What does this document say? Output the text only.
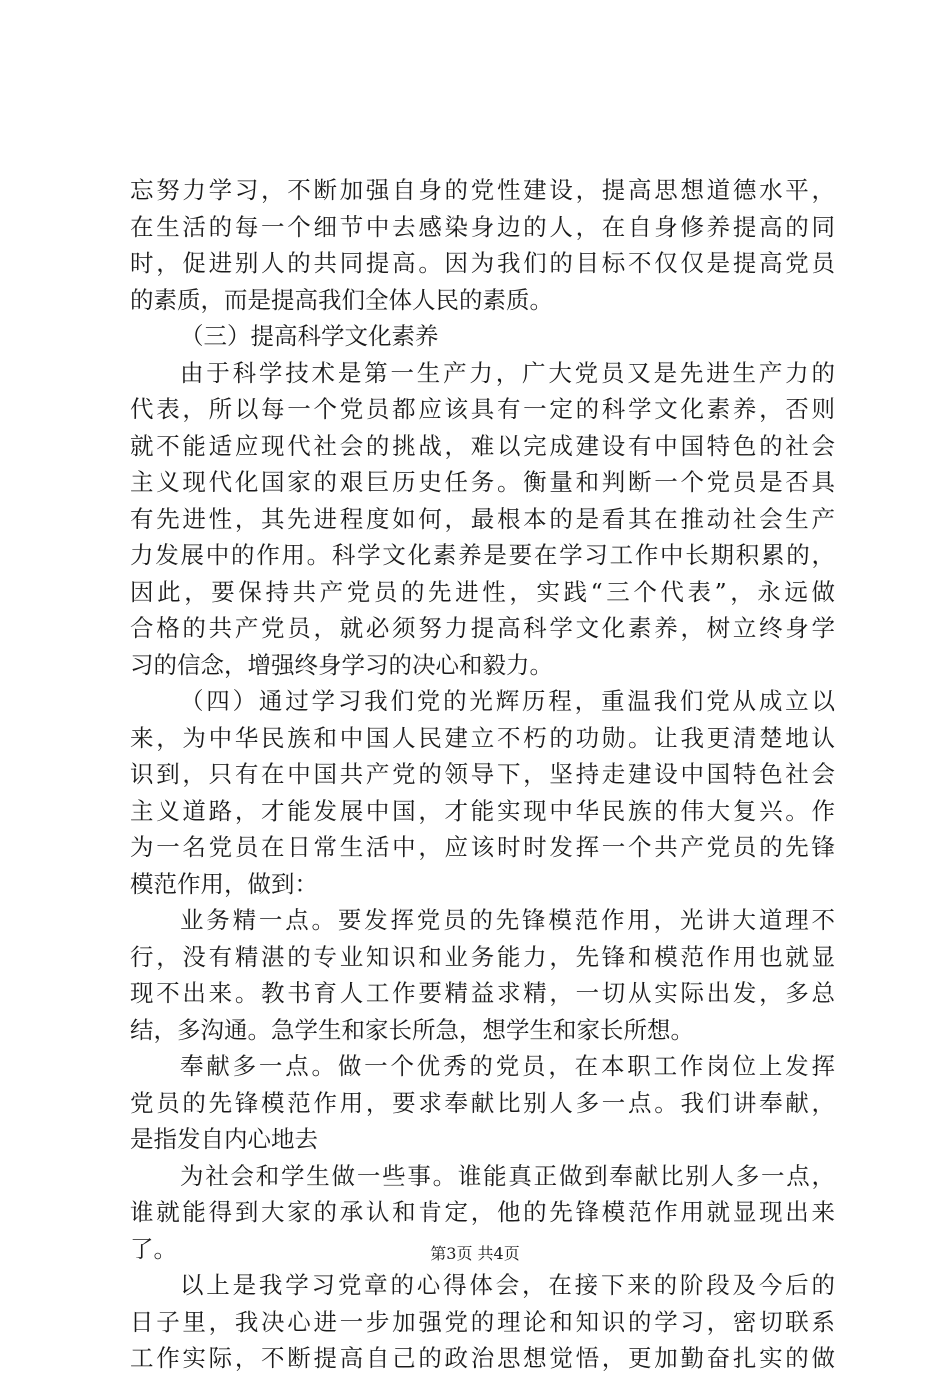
忘努力学习，不断加强自身的党性建设，提高思想道德水平，
在生活的每一个细节中去感染身边的人，在自身修养提高的同
时，促进别人的共同提高。因为我们的目标不仅仅是提高党员
的素质，而是提高我们全体人民的素质。
（三）提高科学文化素养
由于科学技术是第一生产力，广大党员又是先进生产力的
代表，所以每一个党员都应该具有一定的科学文化素养，否则
就不能适应现代社会的挑战，难以完成建设有中国特色的社会
主义现代化国家的艰巨历史任务。衡量和判断一个党员是否具
有先进性，其先进程度如何，最根本的是看其在推动社会生产
力发展中的作用。科学文化素养是要在学习工作中长期积累的，
因此，要保持共产党员的先进性，实践“三个代表”，永远做
合格的共产党员，就必须努力提高科学文化素养，树立终身学
习的信念，增强终身学习的决心和毅力。
（四）通过学习我们党的光辉历程，重温我们党从成立以
来，为中华民族和中国人民建立不朽的功勋。让我更清楚地认
识到，只有在中国共产党的领导下，坚持走建设中国特色社会
主义道路，才能发展中国，才能实现中华民族的伟大复兴。作
为一名党员在日常生活中，应该时时发挥一个共产党员的先锋
模范作用，做到：
业务精一点。要发挥党员的先锋模范作用，光讲大道理不
行，没有精湛的专业知识和业务能力，先锋和模范作用也就显
现不出来。教书育人工作要精益求精，一切从实际出发，多总
结，多沟通。急学生和家长所急，想学生和家长所想。
奉献多一点。做一个优秀的党员，在本职工作岗位上发挥
党员的先锋模范作用，要求奉献比别人多一点。我们讲奉献，
是指发自内心地去
为社会和学生做一些事。谁能真正做到奉献比别人多一点，
谁就能得到大家的承认和肯定，他的先锋模范作用就显现出来
了。
以上是我学习党章的心得体会，在接下来的阶段及今后的
日子里，我决心进一步加强党的理论和知识的学习，密切联系
工作实际，不断提高自己的政治思想觉悟，更加勤奋扎实的做
第3页 共4页
